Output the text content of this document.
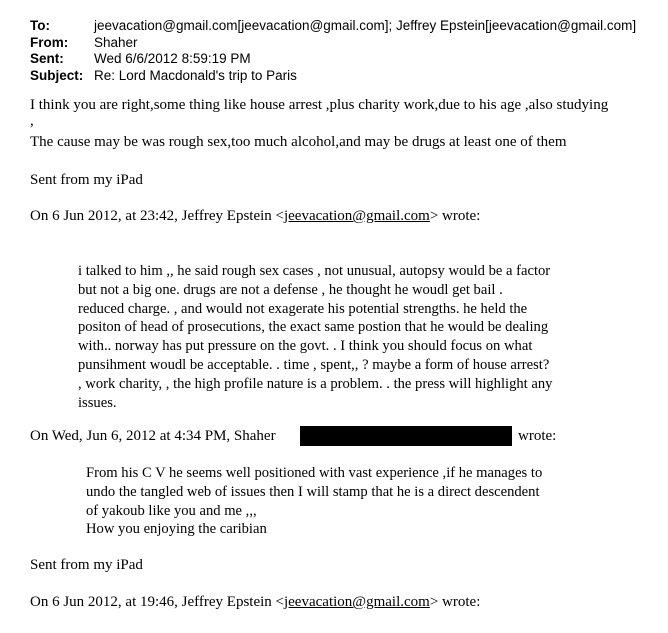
To:	jeevacation@gmail.com[jeevacation@gmail.com]; Jeffrey Epstein[jeevacation@gmail.com]
From:	Shaher
Sent:	Wed 6/6/2012 8:59:19 PM
Subject: Re: Lord Macdonald's trip to Paris

I think you are right,some thing like house arrest ,plus charity work,due to his age ,also studying

,

The cause may be was rough sex,too much alcohol,and may be drugs at least one of them

Sent from my iPad

On 6 Jun 2012, at 23:42, Jeffrey Epstein <jeevacation@gmail.com> wrote:

i talked to him ,, he said rough sex cases , not unusual, autopsy would be a factor
but not a big one. drugs are not a defense , he thought he woudl get bail .
reduced charge. , and would not exagerate his potential strengths. he held the
positon of head of prosecutions, the exact same postion that he would be dealing
with.. norway has put pressure on the govt. . I think you should focus on what
punsihment woudl be acceptable. . time , spent,, ? maybe a form of house arrest?
, work charity, , the high profile nature is a problem. . the press will highlight any
issues.

On Wed, Jun 6, 2012 at 4:34 PM, Shaher	wrote:

From his C V he seems well positioned with vast experience ,if he manages to
undo the tangled web of issues then I will stamp that he is a direct descendent
of yakoub like you and me ,,,
How you enjoying the caribian

Sent from my iPad

On 6 Jun 2012, at 19:46, Jeffrey Epstein <jeevacation@gmail.com> wrote:
